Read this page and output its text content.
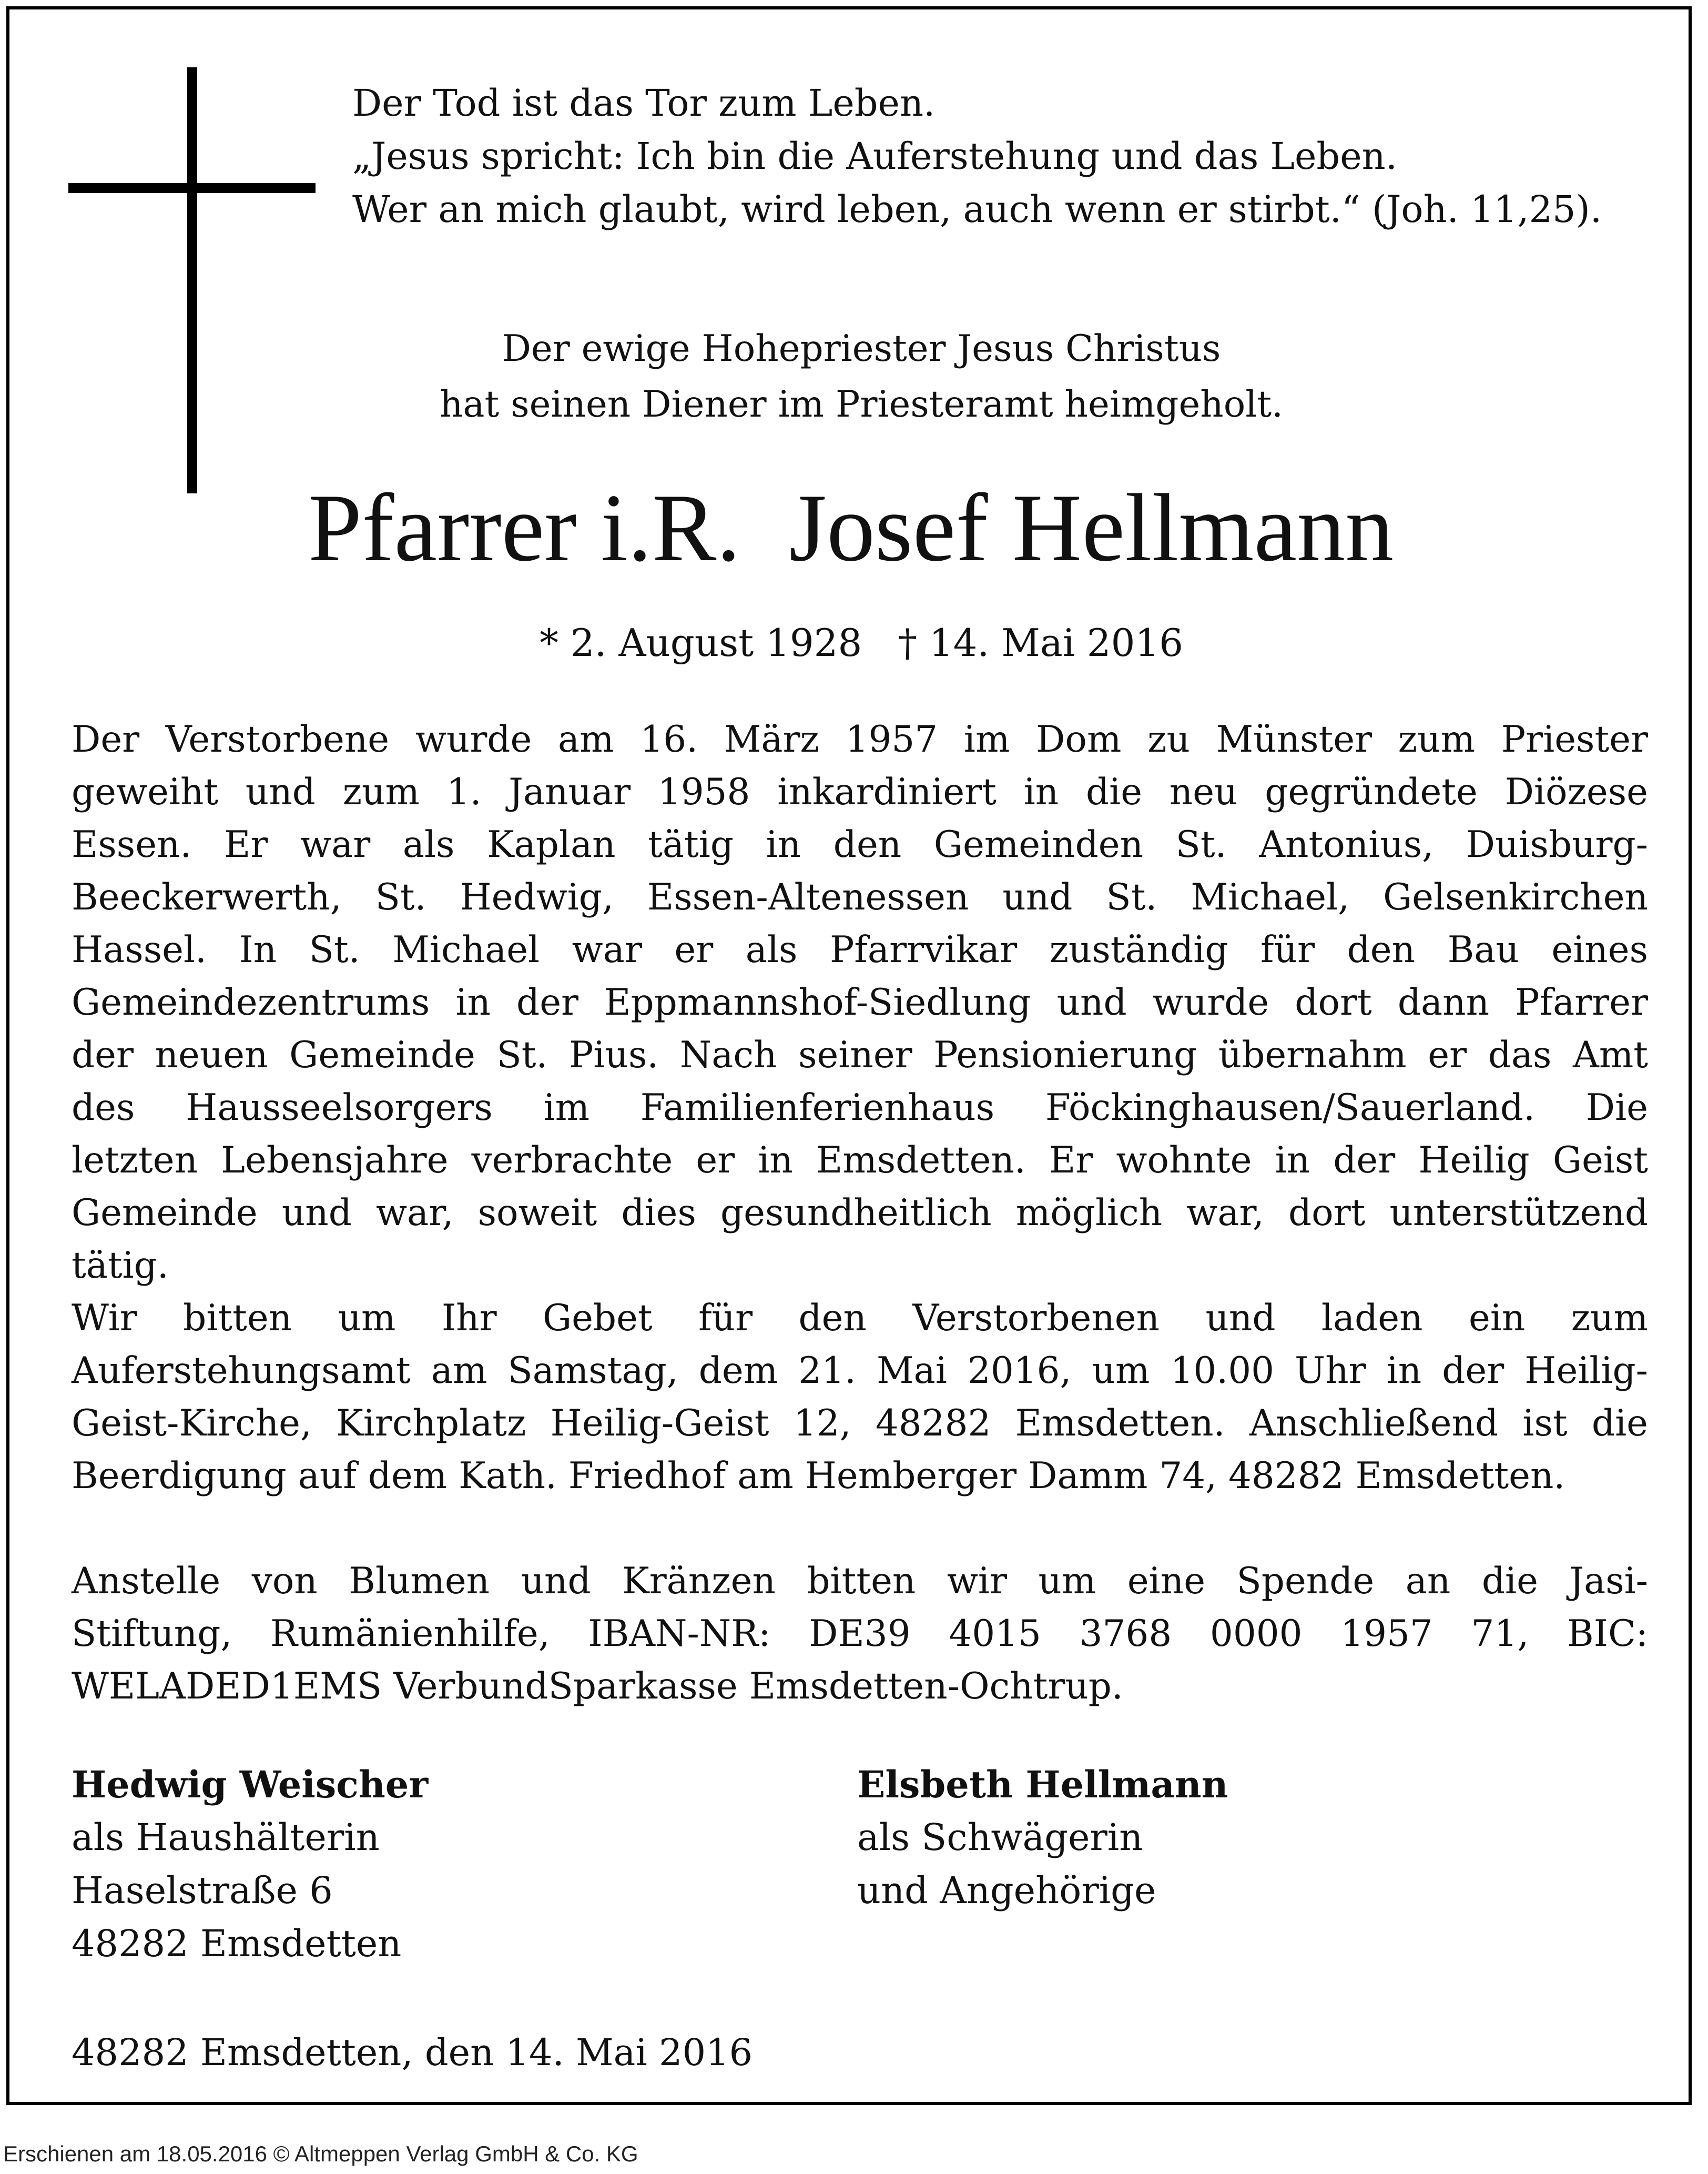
Der Tod ist das Tor zum Leben.
„Jesus spricht: Ich bin die Auferstehung und das Leben.
Wer an mich glaubt, wird leben, auch wenn er stirbt.“ (Joh. 11,25).
Der ewige Hohepriester Jesus Christus
hat seinen Diener im Priesteramt heimgeholt.
Pfarrer i.R.  Josef Hellmann
* 2. August 1928   † 14. Mai 2016
Der Verstorbene wurde am 16. März 1957 im Dom zu Münster zum Priester
geweiht und zum 1. Januar 1958 inkardiniert in die neu gegründete Diözese
Essen. Er war als Kaplan tätig in den Gemeinden St. Antonius, Duisburg-
Beeckerwerth, St. Hedwig, Essen-Altenessen und St. Michael, Gelsenkirchen
Hassel. In St. Michael war er als Pfarrvikar zuständig für den Bau eines
Gemeindezentrums in der Eppmannshof-Siedlung und wurde dort dann Pfarrer
der neuen Gemeinde St. Pius. Nach seiner Pensionierung übernahm er das Amt
des Hausseelsorgers im Familienferienhaus Föckinghausen/Sauerland. Die
letzten Lebensjahre verbrachte er in Emsdetten. Er wohnte in der Heilig Geist
Gemeinde und war, soweit dies gesundheitlich möglich war, dort unterstützend
tätig.
Wir bitten um Ihr Gebet für den Verstorbenen und laden ein zum
Auferstehungsamt am Samstag, dem 21. Mai 2016, um 10.00 Uhr in der Heilig-
Geist-Kirche, Kirchplatz Heilig-Geist 12, 48282 Emsdetten. Anschließend ist die
Beerdigung auf dem Kath. Friedhof am Hemberger Damm 74, 48282 Emsdetten.
Anstelle von Blumen und Kränzen bitten wir um eine Spende an die Jasi-
Stiftung, Rumänienhilfe, IBAN-NR: DE39 4015 3768 0000 1957 71, BIC:
WELADED1EMS VerbundSparkasse Emsdetten-Ochtrup.
Hedwig Weischer
als Haushälterin
Haselstraße 6
48282 Emsdetten
Elsbeth Hellmann
als Schwägerin
und Angehörige
48282 Emsdetten, den 14. Mai 2016
Erschienen am 18.05.2016 © Altmeppen Verlag GmbH & Co. KG
